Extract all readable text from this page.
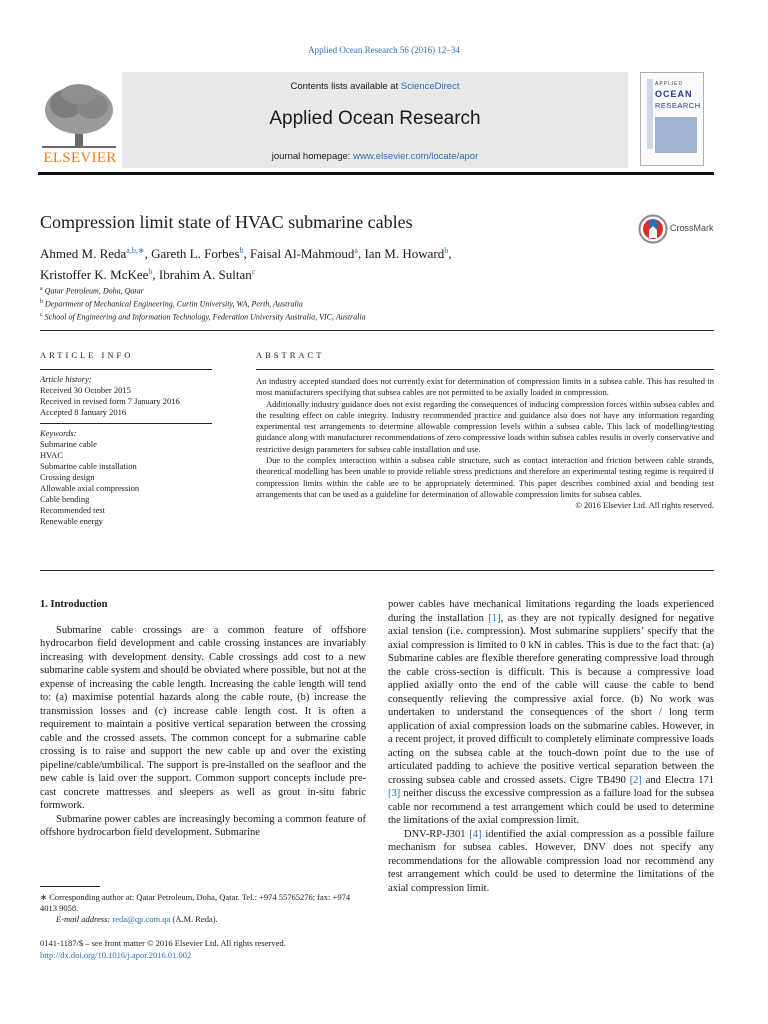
Applied Ocean Research 56 (2016) 12–34
ELSEVIER
Contents lists available at ScienceDirect
Applied Ocean Research
journal homepage: www.elsevier.com/locate/apor
APPLIED
OCEAN
RESEARCH
Compression limit state of HVAC submarine cables	CrossMark
Ahmed M. Reda$^{a,b,∗}$, Gareth L. Forbes$^b$, Faisal Al-Mahmoud$^a$, Ian M. Howard$^b$,
Kristoffer K. McKee$^b$, Ibrahim A. Sultan$^c$
$^a$ Qatar Petroleum, Doha, Qatar
$^b$ Department of Mechanical Engineering, Curtin University, WA, Perth, Australia
$^c$ School of Engineering and Information Technology, Federation University Australia, VIC, Australia
ARTICLE INFO	ABSTRACT
Article history:
Received 30 October 2015
Received in revised form 7 January 2016
Accepted 8 January 2016
Keywords:
Submarine cable
HVAC
Submarine cable installation
Crossing design
Allowable axial compression
Cable bending
Recommended test
Renewable energy

An industry accepted standard does not currently exist for determination of compression limits in a subsea cable. This has resulted in most manufacturers specifying that subsea cables are not permitted to be axially loaded in compression.

Additionally industry guidance does not exist regarding the consequences of inducing compression forces within subsea cables and the resulting effect on cable integrity. Industry recommended practice and guidance also does not have any information regarding experimental test arrangements to determine allowable compression levels within a subsea cable. This lack of modelling/testing guidance along with manufacturer recommendations of zero compressive loads within subsea cables results in overly conservative and restrictive design parameters for subsea cable installation and use.

Due to the complex interaction within a subsea cable structure, such as contact interaction and friction between cable strands, theoretical modelling has been unable to provide reliable stress predictions and therefore an experimental testing regime is required if compression limits within the cable are to be appropriately determined. This paper describes combined axial and bending test arrangements that can be used as a guideline for determination of allowable compression limits for subsea cables.

© 2016 Elsevier Ltd. All rights reserved.

1. Introduction

Submarine cable crossings are a common feature of offshore hydrocarbon field development and cable crossing instances are invariably increasing with development density. Cable crossings add cost to a new submarine cable system and should be obviated where possible, but not at the expense of increasing the cable length. Increasing the cable length will tend to: (a) maximise potential hazards along the cable route, (b) increase the transmission losses and (c) increase cable length cost. It is often a requirement to maintain a positive vertical separation between the crossing cable and the crossed assets. The common concept for a submarine cable crossing is to raise and support the new cable up and over the existing pipeline/cable/umbilical. The support is pre-installed on the seafloor and the new cable is laid over the support. Common support concepts include pre-cast concrete mattresses and sleepers as well as grout in-situ fabric formwork.

Submarine power cables are increasingly becoming a common feature of offshore hydrocarbon field development. Submarine

∗ Corresponding author at: Qatar Petroleum, Doha, Qatar. Tel.: +974 55765276; fax: +974 4013 9058.
E-mail address: reda@qp.com.qa (A.M. Reda).
0141-1187/$ – see front matter © 2016 Elsevier Ltd. All rights reserved.
http://dx.doi.org/10.1016/j.apor.2016.01.002

power cables have mechanical limitations regarding the loads experienced during the installation [1], as they are not typically designed for negative axial tension (i.e. compression). Most submarine suppliers’ specify that the axial compression is limited to 0 kN in cables. This is due to the fact that: (a) Submarine cables are flexible therefore generating compressive load through the cable cross-section is difficult. This is because a compressive load applied axially onto the end of the cable will cause the cable to bend consequently relieving the compressive axial force. (b) No work was undertaken to understand the consequences of the short / long term application of axial compression loads on the submarine cables. However, in a recent project, it proved difficult to completely eliminate compressive loads acting on the subsea cable at the touch-down point due to the use of articulated padding to achieve the positive vertical separation between the crossing subsea cable and crossed assets. Cigre TB490 [2] and Electra 171 [3] neither discuss the excessive compression as a failure load for the subsea cable nor recommend a test arrangement which could be used to determine the limitations of the axial compression limit.

DNV-RP-J301 [4] identified the axial compression as a possible failure mechanism for subsea cables. However, DNV does not specify any recommendations for the allowable compression load nor recommend any test arrangement which could be used to determine the limitations of the axial compression limit.
